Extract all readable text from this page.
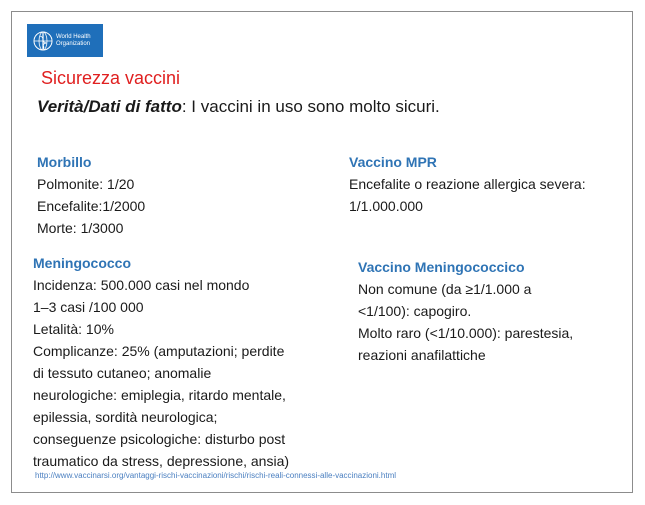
World Health
Organization
Sicurezza vaccini

Verità/Dati di fatto: I vaccini in uso sono molto sicuri.

Morbillo
Polmonite: 1/20
Encefalite:1/2000
Morte: 1/3000
Vaccino MPR
Encefalite o reazione allergica severa:
1/1.000.000
Meningococco
Incidenza: 500.000 casi nel mondo
1–3 casi /100 000
Letalità: 10%
Complicanze: 25% (amputazioni; perdite
di tessuto cutaneo; anomalie
neurologiche: emiplegia, ritardo mentale,
epilessia, sordità neurologica;
conseguenze psicologiche: disturbo post
traumatico da stress, depressione, ansia)
Vaccino Meningococcico
Non comune (da ≥1/1.000 a
<1/100): capogiro.
Molto raro (<1/10.000): parestesia,
reazioni anafilattiche
http://www.vaccinarsi.org/vantaggi-rischi-vaccinazioni/rischi/rischi-reali-connessi-alle-vaccinazioni.html
